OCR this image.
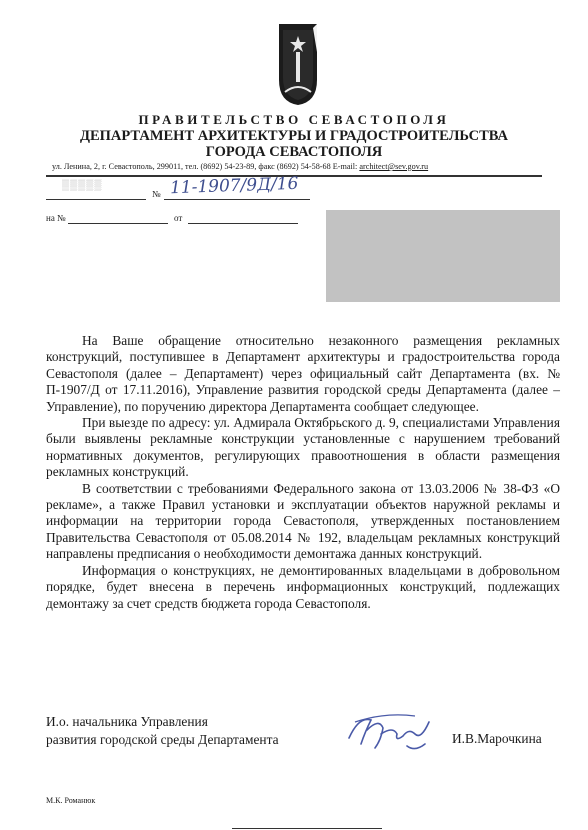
ПРАВИТЕЛЬСТВО СЕВАСТОПОЛЯ
ДЕПАРТАМЕНТ АРХИТЕКТУРЫ И ГРАДОСТРОИТЕЛЬСТВА
ГОРОДА СЕВАСТОПОЛЯ
ул. Ленина, 2, г. Севастополь, 299011, тел. (8692) 54-23-89, факс (8692) 54-58-68 E-mail: architect@sev.gov.ru
▒▒▒▒▒
№ 11-1907/9Д/16
на №	от

На Ваше обращение относительно незаконного размещения рекламных конструкций, поступившее в Департамент архитектуры и градостроительства города Севастополя (далее – Департамент) через официальный сайт Департамента (вх. № П-1907/Д от 17.11.2016), Управление развития городской среды Департамента (далее – Управление), по поручению директора Департамента сообщает следующее.

При выезде по адресу: ул. Адмирала Октябрьского д. 9, специалистами Управления были выявлены рекламные конструкции установленные с нарушением требований нормативных документов, регулирующих правоотношения в области размещения рекламных конструкций.

В соответствии с требованиями Федерального закона от 13.03.2006 № 38-ФЗ «О рекламе», а также Правил установки и эксплуатации объектов наружной рекламы и информации на территории города Севастополя, утвержденных постановлением Правительства Севастополя от 05.08.2014 № 192, владельцам рекламных конструкций направлены предписания о необходимости демонтажа данных конструкций.

Информация о конструкциях, не демонтированных владельцами в добровольном порядке, будет внесена в перечень информационных конструкций, подлежащих демонтажу за счет средств бюджета города Севастополя.

И.о. начальника Управления
развития городской среды Департамента	И.В.Марочкина
М.К. Романюк
